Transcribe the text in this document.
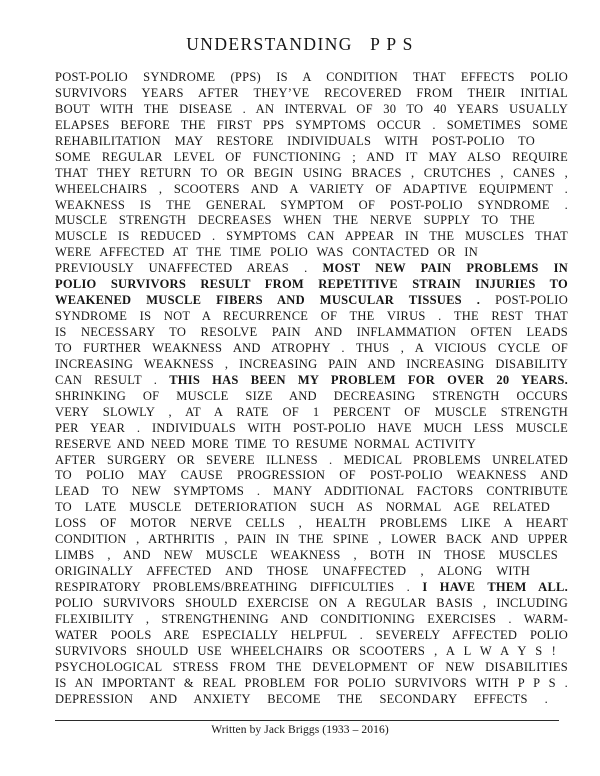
UNDERSTANDING   P P S
POST-POLIO SYNDROME (PPS) IS A CONDITION THAT EFFECTS POLIO
SURVIVORS YEARS AFTER THEY’VE RECOVERED FROM THEIR INITIAL
BOUT WITH THE DISEASE . AN INTERVAL OF 30 TO 40 YEARS USUALLY
ELAPSES BEFORE THE FIRST PPS SYMPTOMS OCCUR . SOMETIMES SOME
REHABILITATION MAY RESTORE INDIVIDUALS WITH POST-POLIO TO
SOME REGULAR LEVEL OF FUNCTIONING ; AND IT MAY ALSO REQUIRE
THAT THEY RETURN TO OR BEGIN USING BRACES , CRUTCHES , CANES ,
WHEELCHAIRS , SCOOTERS AND A VARIETY OF ADAPTIVE EQUIPMENT .
WEAKNESS IS THE GENERAL SYMPTOM OF POST-POLIO SYNDROME .
MUSCLE STRENGTH DECREASES WHEN THE NERVE SUPPLY TO THE
MUSCLE IS REDUCED . SYMPTOMS CAN APPEAR IN THE MUSCLES THAT
WERE AFFECTED AT THE TIME POLIO WAS CONTACTED OR IN
PREVIOUSLY UNAFFECTED AREAS . MOST NEW PAIN PROBLEMS IN
POLIO SURVIVORS RESULT FROM REPETITIVE STRAIN INJURIES TO
WEAKENED MUSCLE FIBERS AND MUSCULAR TISSUES . POST-POLIO
SYNDROME IS NOT A RECURRENCE OF THE VIRUS . THE REST THAT
IS NECESSARY TO RESOLVE PAIN AND INFLAMMATION OFTEN LEADS
TO FURTHER WEAKNESS AND ATROPHY . THUS , A VICIOUS CYCLE OF
INCREASING WEAKNESS , INCREASING PAIN AND INCREASING DISABILITY
CAN RESULT . THIS HAS BEEN MY PROBLEM FOR OVER 20 YEARS.
SHRINKING OF MUSCLE SIZE AND DECREASING STRENGTH OCCURS
VERY SLOWLY , AT A RATE OF 1 PERCENT OF MUSCLE STRENGTH
PER YEAR . INDIVIDUALS WITH POST-POLIO HAVE MUCH LESS MUSCLE
RESERVE AND NEED MORE TIME TO RESUME NORMAL ACTIVITY
AFTER SURGERY OR SEVERE ILLNESS . MEDICAL PROBLEMS UNRELATED
TO POLIO MAY CAUSE PROGRESSION OF POST-POLIO WEAKNESS AND
LEAD TO NEW SYMPTOMS . MANY ADDITIONAL FACTORS CONTRIBUTE
TO LATE MUSCLE DETERIORATION SUCH AS NORMAL AGE RELATED
LOSS OF MOTOR NERVE CELLS , HEALTH PROBLEMS LIKE A HEART
CONDITION , ARTHRITIS , PAIN IN THE SPINE , LOWER BACK AND UPPER
LIMBS , AND NEW MUSCLE WEAKNESS , BOTH IN THOSE MUSCLES
ORIGINALLY AFFECTED AND THOSE UNAFFECTED , ALONG WITH
RESPIRATORY PROBLEMS/BREATHING DIFFICULTIES . I HAVE THEM ALL.
POLIO SURVIVORS SHOULD EXERCISE ON A REGULAR BASIS , INCLUDING
FLEXIBILITY , STRENGTHENING AND CONDITIONING EXERCISES . WARM-
WATER POOLS ARE ESPECIALLY HELPFUL . SEVERELY AFFECTED POLIO
SURVIVORS SHOULD USE WHEELCHAIRS OR SCOOTERS , A L W A Y S !
PSYCHOLOGICAL STRESS FROM THE DEVELOPMENT OF NEW DISABILITIES
IS AN IMPORTANT & REAL PROBLEM FOR POLIO SURVIVORS WITH P P S .
DEPRESSION AND ANXIETY BECOME THE SECONDARY EFFECTS .
Written by Jack Briggs (1933 – 2016)
